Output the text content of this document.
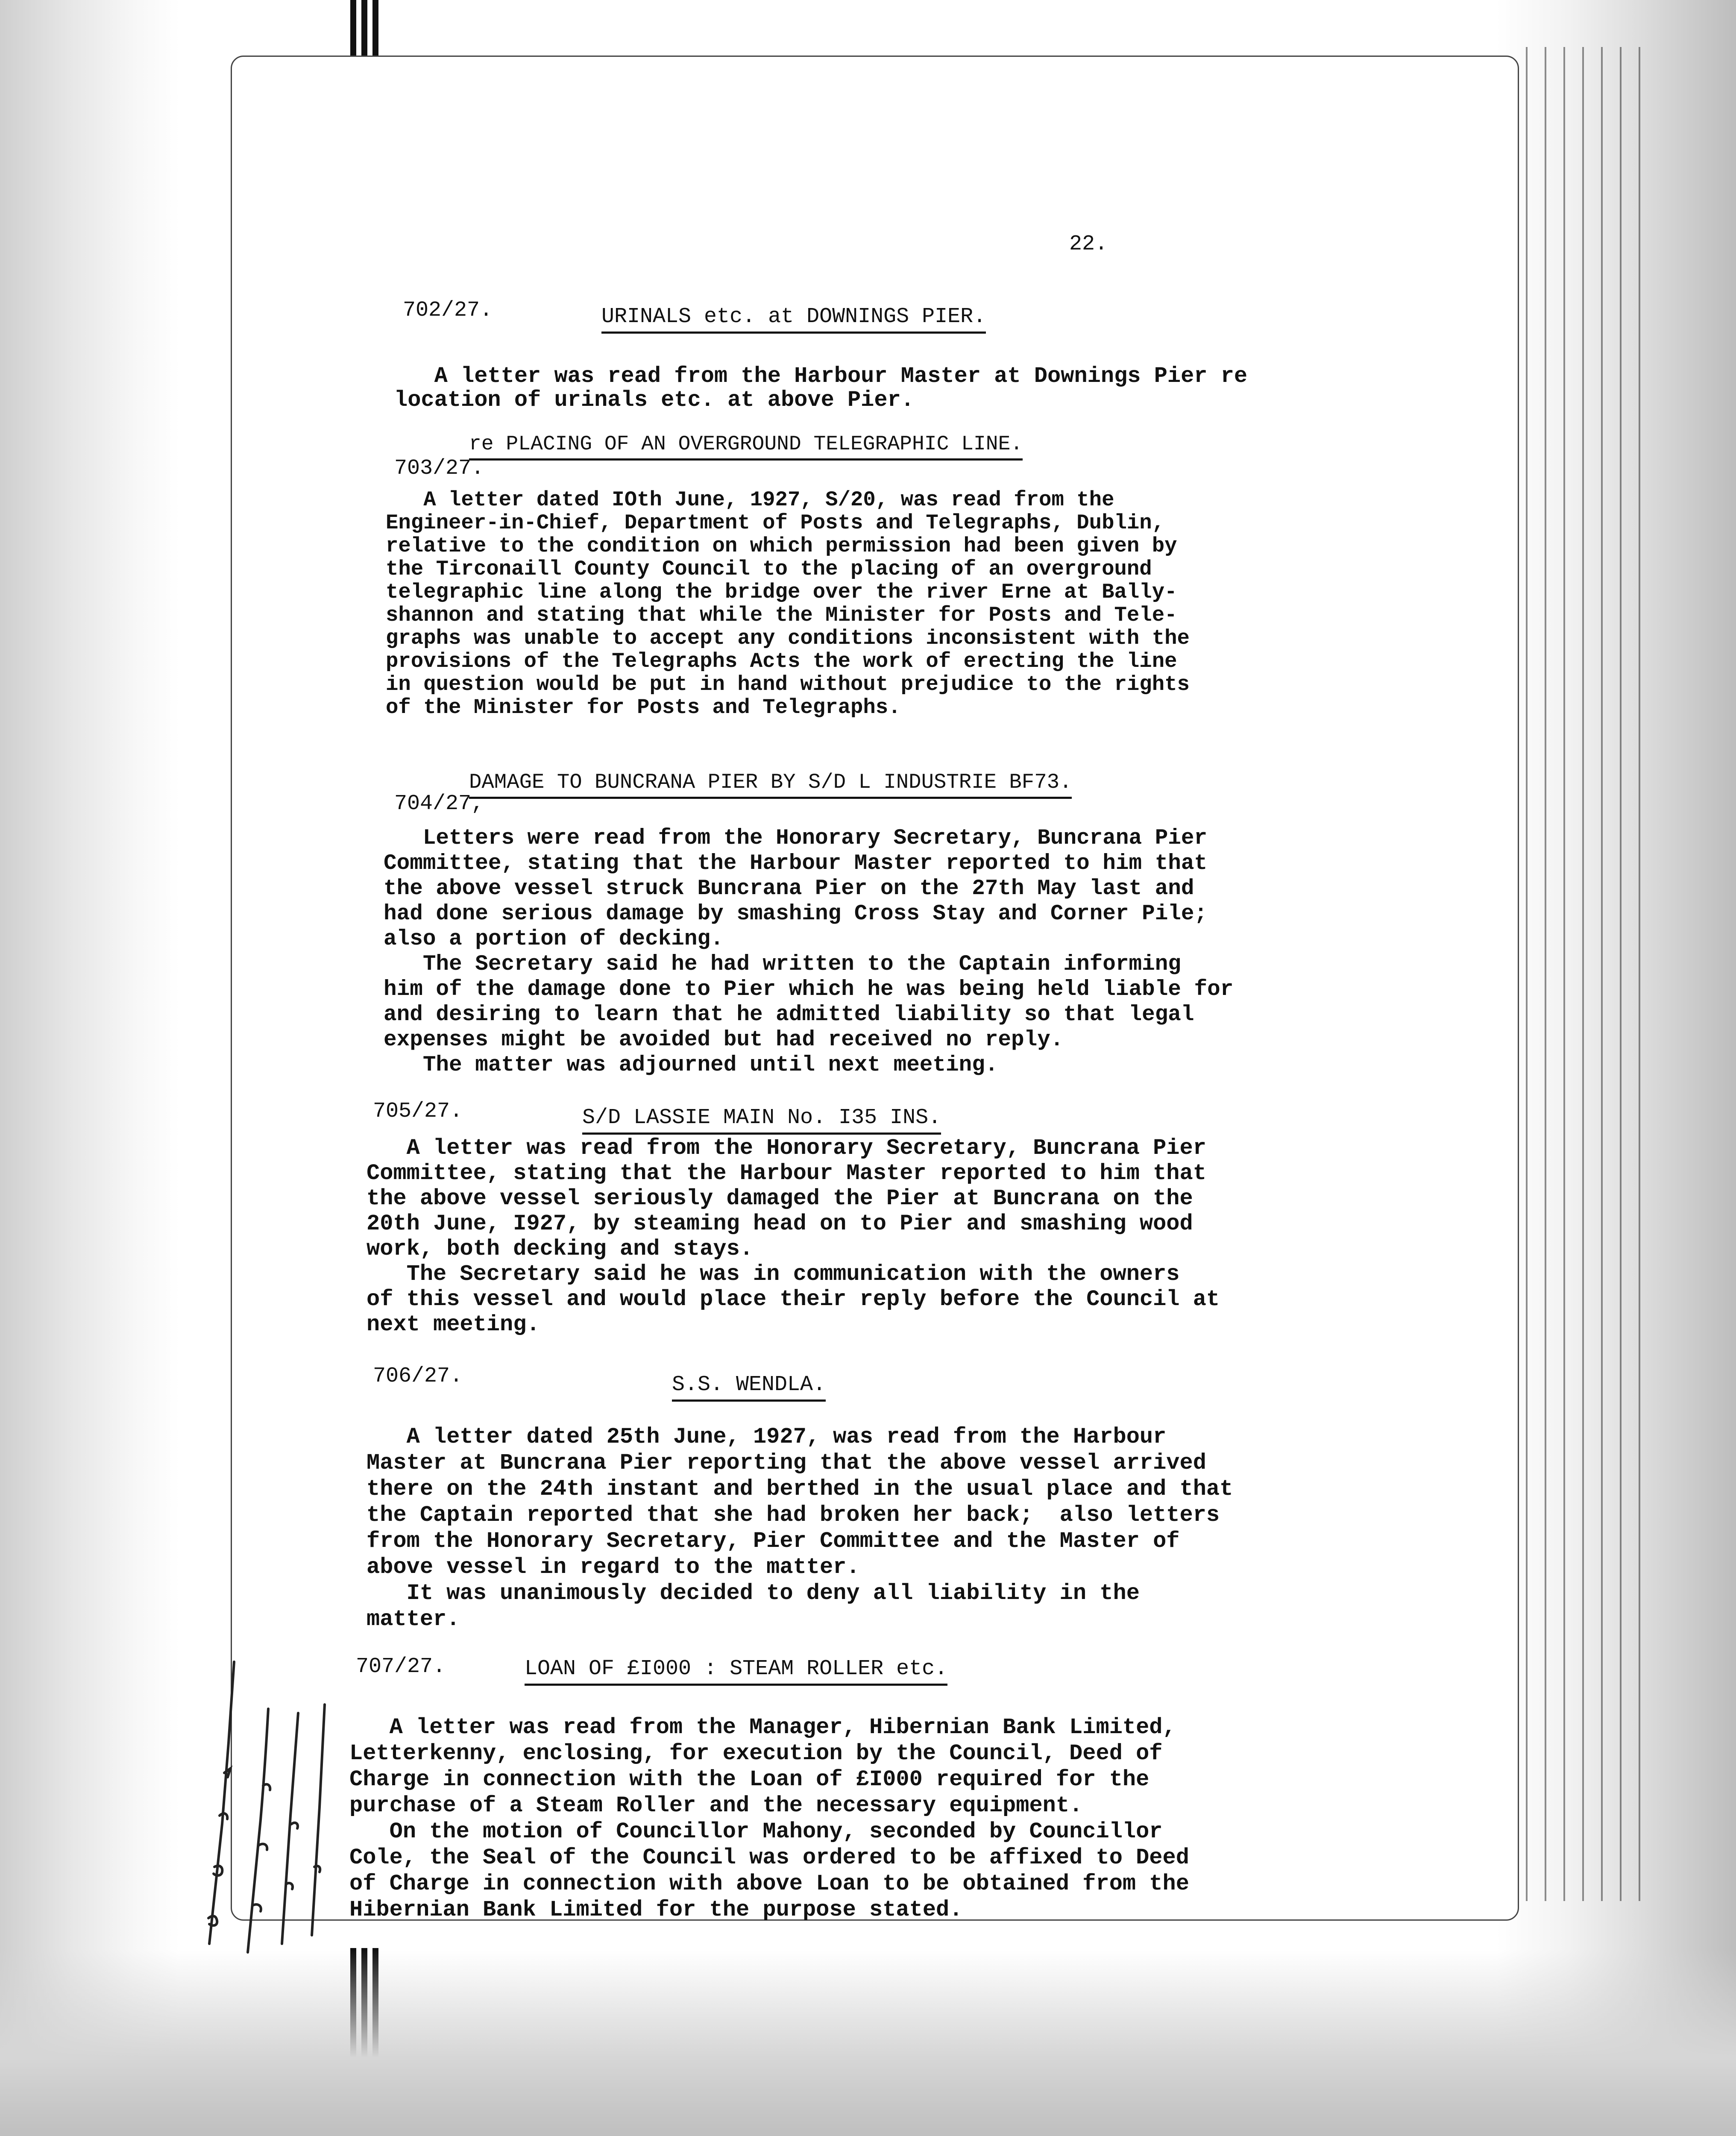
22.
702/27.	URINALS etc. at DOWNINGS PIER.
A letter was read from the Harbour Master at Downings Pier re
location of urinals etc. at above Pier.
703/27.
re PLACING OF AN OVERGROUND TELEGRAPHIC LINE.
A letter dated IOth June, 1927, S/20, was read from the
Engineer-in-Chief, Department of Posts and Telegraphs, Dublin,
relative to the condition on which permission had been given by
the Tirconaill County Council to the placing of an overground
telegraphic line along the bridge over the river Erne at Bally-
shannon and stating that while the Minister for Posts and Tele-
graphs was unable to accept any conditions inconsistent with the
provisions of the Telegraphs Acts the work of erecting the line
in question would be put in hand without prejudice to the rights
of the Minister for Posts and Telegraphs.
704/27,
DAMAGE TO BUNCRANA PIER BY S/D L INDUSTRIE BF73.
Letters were read from the Honorary Secretary, Buncrana Pier
Committee, stating that the Harbour Master reported to him that
the above vessel struck Buncrana Pier on the 27th May last and
had done serious damage by smashing Cross Stay and Corner Pile;
also a portion of decking.
The Secretary said he had written to the Captain informing
him of the damage done to Pier which he was being held liable for
and desiring to learn that he admitted liability so that legal
expenses might be avoided but had received no reply.
The matter was adjourned until next meeting.
705/27.	S/D LASSIE MAIN No. I35 INS.
A letter was read from the Honorary Secretary, Buncrana Pier
Committee, stating that the Harbour Master reported to him that
the above vessel seriously damaged the Pier at Buncrana on the
20th June, I927, by steaming head on to Pier and smashing wood
work, both decking and stays.
The Secretary said he was in communication with the owners
of this vessel and would place their reply before the Council at
next meeting.
706/27.	S.S. WENDLA.
A letter dated 25th June, 1927, was read from the Harbour
Master at Buncrana Pier reporting that the above vessel arrived
there on the 24th instant and berthed in the usual place and that
the Captain reported that she had broken her back;  also letters
from the Honorary Secretary, Pier Committee and the Master of
above vessel in regard to the matter.
It was unanimously decided to deny all liability in the
matter.
707/27.	LOAN OF £I000 : STEAM ROLLER etc.
A letter was read from the Manager, Hibernian Bank Limited,
Letterkenny, enclosing, for execution by the Council, Deed of
Charge in connection with the Loan of £I000 required for the
purchase of a Steam Roller and the necessary equipment.
On the motion of Councillor Mahony, seconded by Councillor
Cole, the Seal of the Council was ordered to be affixed to Deed
of Charge in connection with above Loan to be obtained from the
Hibernian Bank Limited for the purpose stated.
